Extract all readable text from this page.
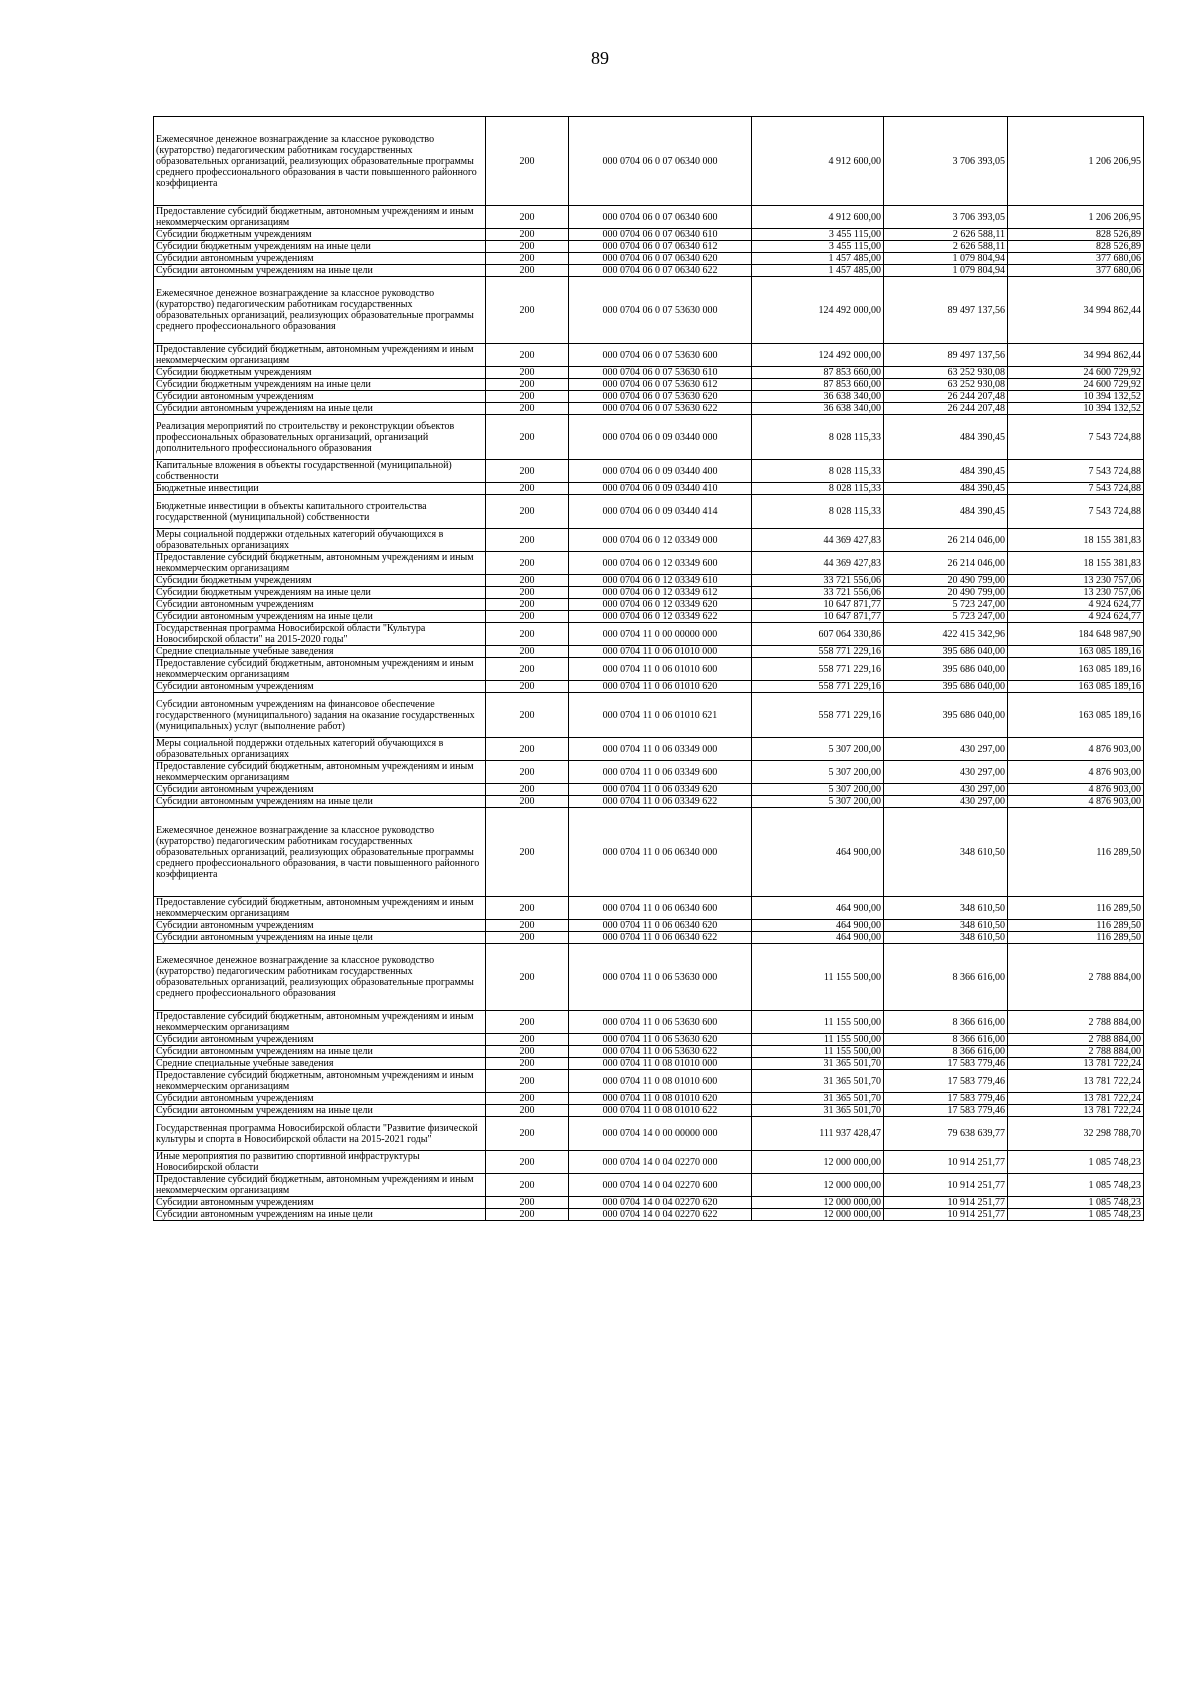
89
Ежемесячное денежное вознаграждение за классное руководство (кураторство) педагогическим работникам государственных образовательных организаций, реализующих образовательные программы среднего профессионального образования в части повышенного районного коэффициента	200	000 0704 06 0 07 06340 000	4 912 600,00	3 706 393,05	1 206 206,95
Предоставление субсидий бюджетным, автономным учреждениям и иным некоммерческим организациям	200	000 0704 06 0 07 06340 600	4 912 600,00	3 706 393,05	1 206 206,95
Субсидии бюджетным учреждениям	200	000 0704 06 0 07 06340 610	3 455 115,00	2 626 588,11	828 526,89
Субсидии бюджетным учреждениям на иные цели	200	000 0704 06 0 07 06340 612	3 455 115,00	2 626 588,11	828 526,89
Субсидии автономным учреждениям	200	000 0704 06 0 07 06340 620	1 457 485,00	1 079 804,94	377 680,06
Субсидии автономным учреждениям на иные цели	200	000 0704 06 0 07 06340 622	1 457 485,00	1 079 804,94	377 680,06
Ежемесячное денежное вознаграждение за классное руководство (кураторство) педагогическим работникам государственных образовательных организаций, реализующих образовательные программы среднего профессионального образования	200	000 0704 06 0 07 53630 000	124 492 000,00	89 497 137,56	34 994 862,44
Предоставление субсидий бюджетным, автономным учреждениям и иным некоммерческим организациям	200	000 0704 06 0 07 53630 600	124 492 000,00	89 497 137,56	34 994 862,44
Субсидии бюджетным учреждениям	200	000 0704 06 0 07 53630 610	87 853 660,00	63 252 930,08	24 600 729,92
Субсидии бюджетным учреждениям на иные цели	200	000 0704 06 0 07 53630 612	87 853 660,00	63 252 930,08	24 600 729,92
Субсидии автономным учреждениям	200	000 0704 06 0 07 53630 620	36 638 340,00	26 244 207,48	10 394 132,52
Субсидии автономным учреждениям на иные цели	200	000 0704 06 0 07 53630 622	36 638 340,00	26 244 207,48	10 394 132,52
Реализация мероприятий по строительству и реконструкции объектов профессиональных образовательных организаций, организаций дополнительного профессионального образования	200	000 0704 06 0 09 03440 000	8 028 115,33	484 390,45	7 543 724,88
Капитальные вложения в объекты государственной (муниципальной) собственности	200	000 0704 06 0 09 03440 400	8 028 115,33	484 390,45	7 543 724,88
Бюджетные инвестиции	200	000 0704 06 0 09 03440 410	8 028 115,33	484 390,45	7 543 724,88
Бюджетные инвестиции в объекты капитального строительства государственной (муниципальной) собственности	200	000 0704 06 0 09 03440 414	8 028 115,33	484 390,45	7 543 724,88
Меры социальной поддержки отдельных категорий обучающихся в образовательных организациях	200	000 0704 06 0 12 03349 000	44 369 427,83	26 214 046,00	18 155 381,83
Предоставление субсидий бюджетным, автономным учреждениям и иным некоммерческим организациям	200	000 0704 06 0 12 03349 600	44 369 427,83	26 214 046,00	18 155 381,83
Субсидии бюджетным учреждениям	200	000 0704 06 0 12 03349 610	33 721 556,06	20 490 799,00	13 230 757,06
Субсидии бюджетным учреждениям на иные цели	200	000 0704 06 0 12 03349 612	33 721 556,06	20 490 799,00	13 230 757,06
Субсидии автономным учреждениям	200	000 0704 06 0 12 03349 620	10 647 871,77	5 723 247,00	4 924 624,77
Субсидии автономным учреждениям на иные цели	200	000 0704 06 0 12 03349 622	10 647 871,77	5 723 247,00	4 924 624,77
Государственная программа Новосибирской области "Культура Новосибирской области" на 2015-2020 годы"	200	000 0704 11 0 00 00000 000	607 064 330,86	422 415 342,96	184 648 987,90
Средние специальные учебные заведения	200	000 0704 11 0 06 01010 000	558 771 229,16	395 686 040,00	163 085 189,16
Предоставление субсидий бюджетным, автономным учреждениям и иным некоммерческим организациям	200	000 0704 11 0 06 01010 600	558 771 229,16	395 686 040,00	163 085 189,16
Субсидии автономным учреждениям	200	000 0704 11 0 06 01010 620	558 771 229,16	395 686 040,00	163 085 189,16
Субсидии автономным учреждениям на финансовое обеспечение государственного (муниципального) задания на оказание государственных (муниципальных) услуг (выполнение работ)	200	000 0704 11 0 06 01010 621	558 771 229,16	395 686 040,00	163 085 189,16
Меры социальной поддержки отдельных категорий обучающихся в образовательных организациях	200	000 0704 11 0 06 03349 000	5 307 200,00	430 297,00	4 876 903,00
Предоставление субсидий бюджетным, автономным учреждениям и иным некоммерческим организациям	200	000 0704 11 0 06 03349 600	5 307 200,00	430 297,00	4 876 903,00
Субсидии автономным учреждениям	200	000 0704 11 0 06 03349 620	5 307 200,00	430 297,00	4 876 903,00
Субсидии автономным учреждениям на иные цели	200	000 0704 11 0 06 03349 622	5 307 200,00	430 297,00	4 876 903,00
Ежемесячное денежное вознаграждение за классное руководство (кураторство) педагогическим работникам государственных образовательных организаций, реализующих образовательные программы среднего профессионального образования, в части повышенного районного коэффициента	200	000 0704 11 0 06 06340 000	464 900,00	348 610,50	116 289,50
Предоставление субсидий бюджетным, автономным учреждениям и иным некоммерческим организациям	200	000 0704 11 0 06 06340 600	464 900,00	348 610,50	116 289,50
Субсидии автономным учреждениям	200	000 0704 11 0 06 06340 620	464 900,00	348 610,50	116 289,50
Субсидии автономным учреждениям на иные цели	200	000 0704 11 0 06 06340 622	464 900,00	348 610,50	116 289,50
Ежемесячное денежное вознаграждение за классное руководство (кураторство) педагогическим работникам государственных образовательных организаций, реализующих образовательные программы среднего профессионального образования	200	000 0704 11 0 06 53630 000	11 155 500,00	8 366 616,00	2 788 884,00
Предоставление субсидий бюджетным, автономным учреждениям и иным некоммерческим организациям	200	000 0704 11 0 06 53630 600	11 155 500,00	8 366 616,00	2 788 884,00
Субсидии автономным учреждениям	200	000 0704 11 0 06 53630 620	11 155 500,00	8 366 616,00	2 788 884,00
Субсидии автономным учреждениям на иные цели	200	000 0704 11 0 06 53630 622	11 155 500,00	8 366 616,00	2 788 884,00
Средние специальные учебные заведения	200	000 0704 11 0 08 01010 000	31 365 501,70	17 583 779,46	13 781 722,24
Предоставление субсидий бюджетным, автономным учреждениям и иным некоммерческим организациям	200	000 0704 11 0 08 01010 600	31 365 501,70	17 583 779,46	13 781 722,24
Субсидии автономным учреждениям	200	000 0704 11 0 08 01010 620	31 365 501,70	17 583 779,46	13 781 722,24
Субсидии автономным учреждениям на иные цели	200	000 0704 11 0 08 01010 622	31 365 501,70	17 583 779,46	13 781 722,24
Государственная программа Новосибирской области "Развитие физической культуры и спорта в Новосибирской области на 2015-2021 годы"	200	000 0704 14 0 00 00000 000	111 937 428,47	79 638 639,77	32 298 788,70
Иные мероприятия по развитию спортивной инфраструктуры Новосибирской области	200	000 0704 14 0 04 02270 000	12 000 000,00	10 914 251,77	1 085 748,23
Предоставление субсидий бюджетным, автономным учреждениям и иным некоммерческим организациям	200	000 0704 14 0 04 02270 600	12 000 000,00	10 914 251,77	1 085 748,23
Субсидии автономным учреждениям	200	000 0704 14 0 04 02270 620	12 000 000,00	10 914 251,77	1 085 748,23
Субсидии автономным учреждениям на иные цели	200	000 0704 14 0 04 02270 622	12 000 000,00	10 914 251,77	1 085 748,23
